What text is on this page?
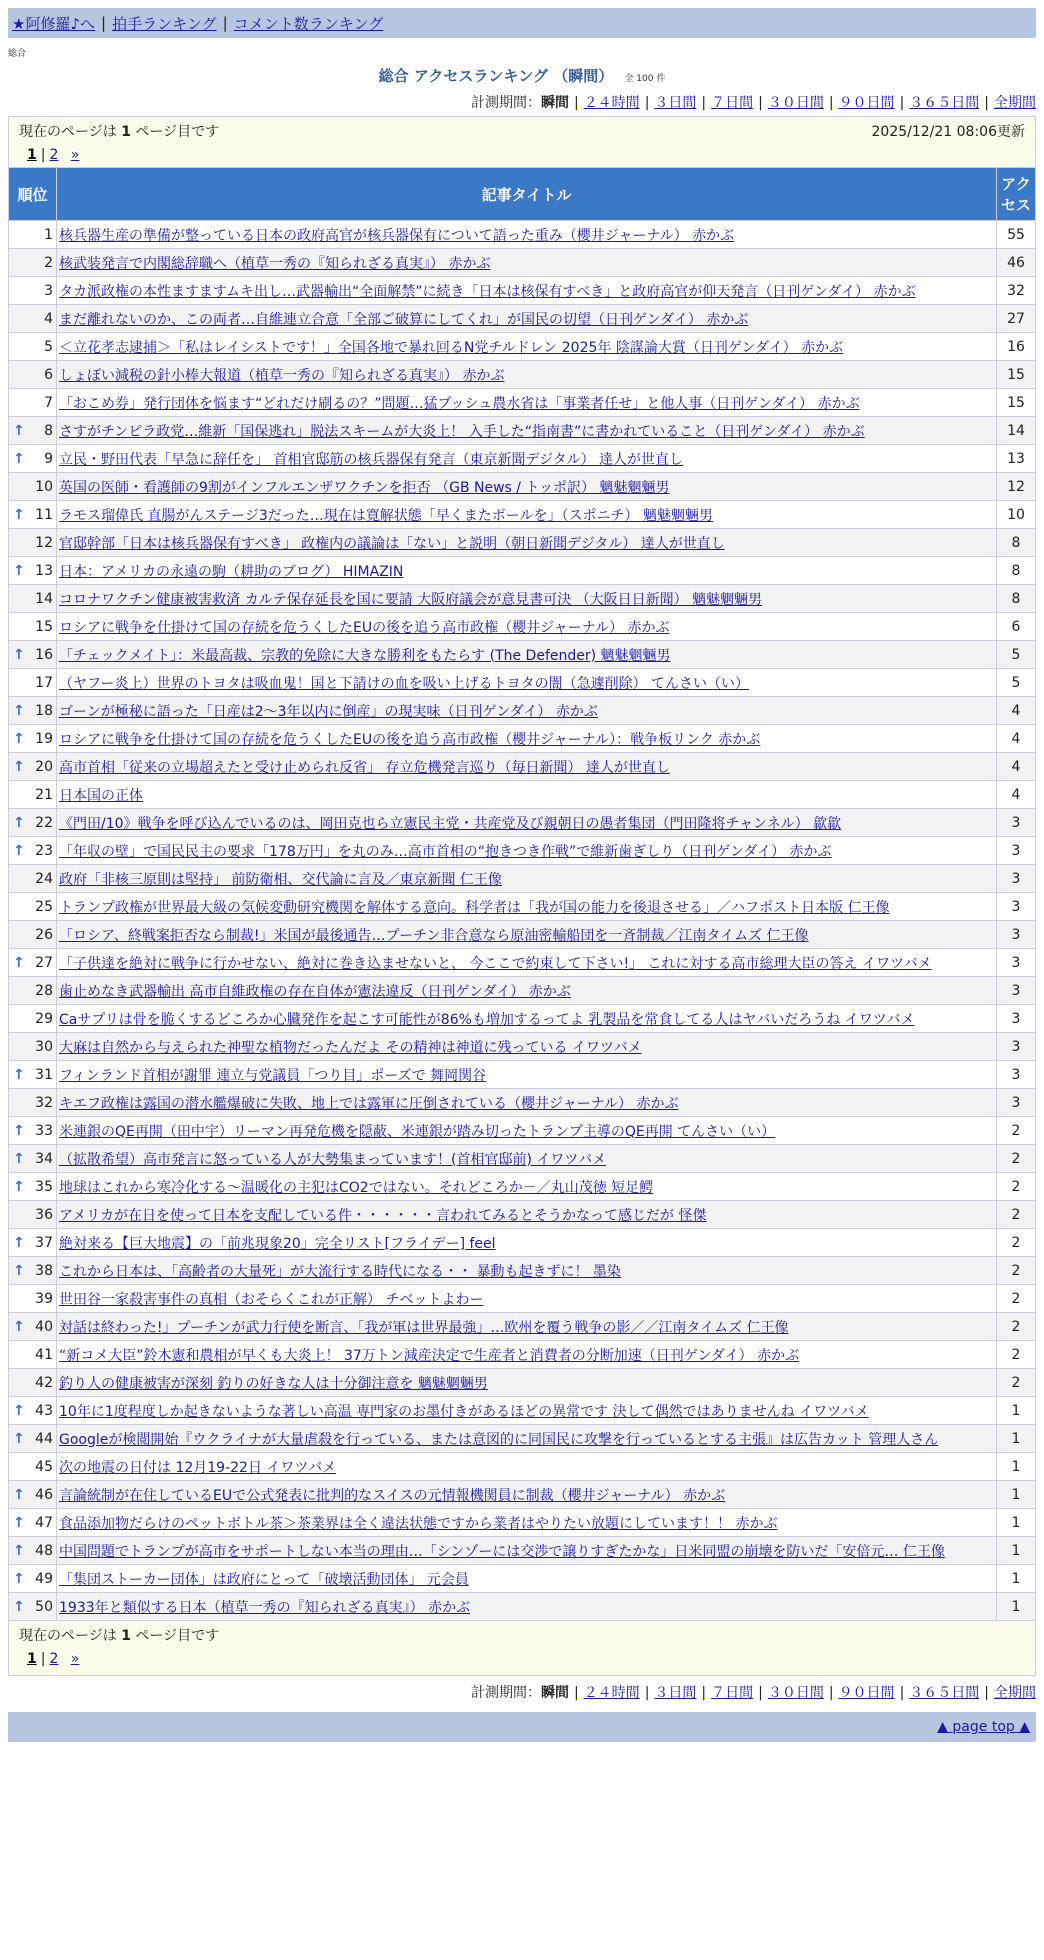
★阿修羅♪へ | 拍手ランキング | コメント数ランキング
総合
総合 アクセスランキング （瞬間） 全 100 件
計測期間：瞬間 | ２４時間 | ３日間 | ７日間 | ３０日間 | ９０日間 | ３６５日間 | 全期間
現在のページは 1 ページ目です	2025/12/21 08:06更新
1 | 2 »
順位	記事タイトル	アクセス
1	核兵器生産の準備が整っている日本の政府高官が核兵器保有について語った重み（櫻井ジャーナル） 赤かぶ	55
2	核武装発言で内閣総辞職へ（植草一秀の『知られざる真実』） 赤かぶ	46
3	タカ派政権の本性ますますムキ出し…武器輸出“全面解禁”に続き「日本は核保有すべき」と政府高官が仰天発言（日刊ゲンダイ） 赤かぶ	32
4	まだ離れないのか、この両者…自維連立合意「全部ご破算にしてくれ」が国民の切望（日刊ゲンダイ） 赤かぶ	27
5	＜立花孝志逮捕＞「私はレイシストです！」全国各地で暴れ回るN党チルドレン 2025年 陰謀論大賞（日刊ゲンダイ） 赤かぶ	16
6	しょぼい減税の針小棒大報道（植草一秀の『知られざる真実』） 赤かぶ	15
7	「おこめ券」発行団体を悩ます“どれだけ刷るの？”問題…猛プッシュ農水省は「事業者任せ」と他人事（日刊ゲンダイ） 赤かぶ	15

↑ 8	さすがチンピラ政党…維新「国保逃れ」脱法スキームが大炎上！ 入手した“指南書”に書かれていること（日刊ゲンダイ） 赤かぶ	14

↑ 9	立民・野田代表「早急に辞任を」 首相官邸筋の核兵器保有発言（東京新聞デジタル） 達人が世直し	13
10	英国の医師・看護師の9割がインフルエンザワクチンを拒否 （GB News / トッポ訳） 魑魅魍魎男	12

↑ 11	ラモス瑠偉氏 直腸がんステージ3だった…現在は寛解状態「早くまたボールを」（スポニチ） 魑魅魍魎男	10
12	官邸幹部「日本は核兵器保有すべき」 政権内の議論は「ない」と説明（朝日新聞デジタル） 達人が世直し	8

↑ 13	日本：アメリカの永遠の駒（耕助のブログ） HIMAZIN	8
14	コロナワクチン健康被害救済 カルテ保存延長を国に要請 大阪府議会が意見書可決 （大阪日日新聞） 魑魅魍魎男	8
15	ロシアに戦争を仕掛けて国の存続を危うくしたEUの後を追う高市政権（櫻井ジャーナル） 赤かぶ	6

↑ 16	「チェックメイト」：米最高裁、宗教的免除に大きな勝利をもたらす (The Defender) 魑魅魍魎男	5
17	（ヤフー炎上）世界のトヨタは吸血鬼！国と下請けの血を吸い上げるトヨタの闇（急遽削除） てんさい（い）	5

↑ 18	ゴーンが極秘に語った「日産は2～3年以内に倒産」の現実味（日刊ゲンダイ） 赤かぶ	4

↑ 19	ロシアに戦争を仕掛けて国の存続を危うくしたEUの後を追う高市政権（櫻井ジャーナル）：戦争板リンク 赤かぶ	4

↑ 20	高市首相「従来の立場超えたと受け止められ反省」 存立危機発言巡り（毎日新聞） 達人が世直し	4
21	日本国の正体	4

↑ 22	《門田/10》戦争を呼び込んでいるのは、岡田克也ら立憲民主党・共産党及び親朝日の愚者集団（門田隆将チャンネル） 歙歙	3

↑ 23	「年収の壁」で国民民主の要求「178万円」を丸のみ…高市首相の“抱きつき作戦”で維新歯ぎしり（日刊ゲンダイ） 赤かぶ	3
24	政府「非核三原則は堅持」 前防衛相、交代論に言及／東京新聞 仁王像	3
25	トランプ政権が世界最大級の気候変動研究機関を解体する意向。科学者は「我が国の能力を後退させる」／ハフポスト日本版 仁王像	3
26	「ロシア、終戦案拒否なら制裁!」米国が最後通告…プーチン非合意なら原油密輸船団を一斉制裁／江南タイムズ 仁王像	3

↑ 27	「子供達を絶対に戦争に行かせない、絶対に巻き込ませないと、 今ここで約束して下さい!」 これに対する高市総理大臣の答え イワツバメ	3
28	歯止めなき武器輸出 高市自維政権の存在自体が憲法違反（日刊ゲンダイ） 赤かぶ	3
29	Caサプリは骨を脆くするどころか心臓発作を起こす可能性が86%も増加するってよ 乳製品を常食してる人はヤバいだろうね イワツバメ	3
30	大麻は自然から与えられた神聖な植物だったんだよ その精神は神道に残っている イワツバメ	3

↑ 31	フィンランド首相が謝罪 連立与党議員「つり目」ポーズで 舞岡関谷	3
32	キエフ政権は露国の潜水艦爆破に失敗、地上では露軍に圧倒されている（櫻井ジャーナル） 赤かぶ	3

↑ 33	米連銀のQE再開（田中宇）リーマン再発危機を隠蔽、米連銀が踏み切ったトランプ主導のQE再開 てんさい（い）	2

↑ 34	（拡散希望）高市発言に怒っている人が大勢集まっています！(首相官邸前) イワツバメ	2

↑ 35	地球はこれから寒冷化する～温暖化の主犯はCO2ではない。それどころか－／丸山茂徳 短足鰐	2
36	アメリカが在日を使って日本を支配している件・・・・・・言われてみるとそうかなって感じだが 怪傑	2

↑ 37	絶対来る【巨大地震】の「前兆現象20」完全リスト[フライデー] feel	2

↑ 38	これから日本は、「高齢者の大量死」が大流行する時代になる・・ 暴動も起きずに！ 墨染	2
39	世田谷一家殺害事件の真相（おそらくこれが正解） チベットよわー	2

↑ 40	対話は終わった!」プーチンが武力行使を断言、「我が軍は世界最強」…欧州を覆う戦争の影／／江南タイムズ 仁王像	2
41	“新コメ大臣”鈴木憲和農相が早くも大炎上！ 37万トン減産決定で生産者と消費者の分断加速（日刊ゲンダイ） 赤かぶ	2
42	釣り人の健康被害が深刻 釣りの好きな人は十分御注意を 魑魅魍魎男	2

↑ 43	10年に1度程度しか起きないような著しい高温 専門家のお墨付きがあるほどの異常です 決して偶然ではありませんね イワツバメ	1

↑ 44	Googleが検閲開始『ウクライナが大量虐殺を行っている、または意図的に同国民に攻撃を行っているとする主張』は広告カット 管理人さん	1
45	次の地震の日付は 12月19-22日 イワツバメ	1

↑ 46	言論統制が在住しているEUで公式発表に批判的なスイスの元情報機関員に制裁（櫻井ジャーナル） 赤かぶ	1

↑ 47	食品添加物だらけのペットボトル茶＞茶業界は全く違法状態ですから業者はやりたい放題にしています！！ 赤かぶ	1

↑ 48	中国問題でトランプが高市をサポートしない本当の理由…「シンゾーには交渉で譲りすぎたかな」日米同盟の崩壊を防いだ「安倍元… 仁王像	1

↑ 49	「集団ストーカー団体」は政府にとって「破壊活動団体」 元会員	1

↑ 50	1933年と類似する日本（植草一秀の『知られざる真実』） 赤かぶ	1
現在のページは 1 ページ目です
1 | 2 »
計測期間：瞬間 | ２４時間 | ３日間 | ７日間 | ３０日間 | ９０日間 | ３６５日間 | 全期間
▲ page top ▲
